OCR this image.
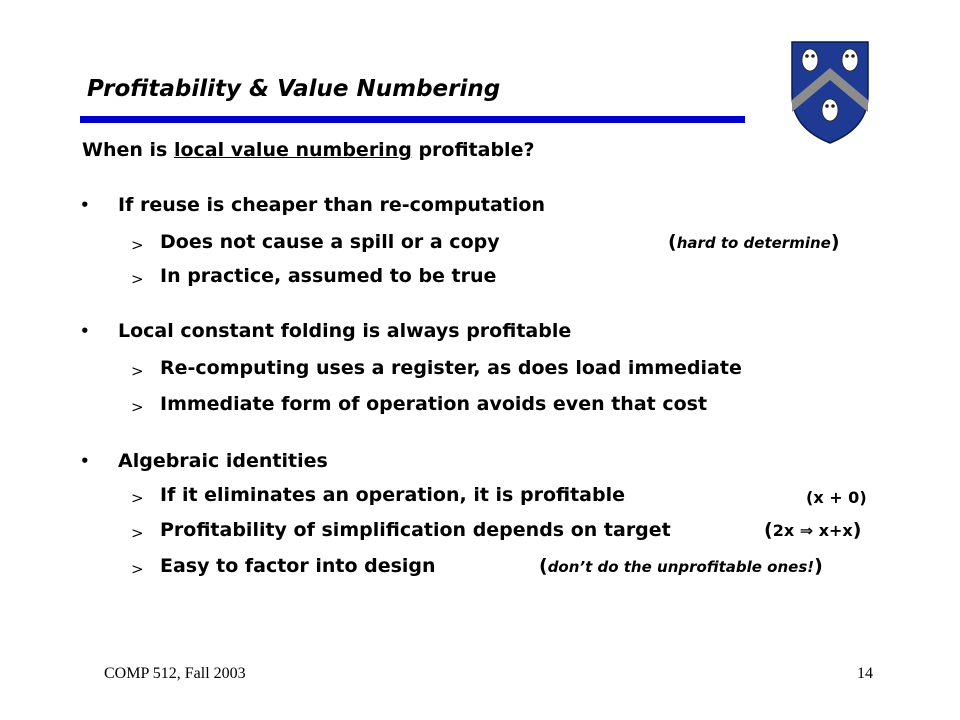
Profitability & Value Numbering
When is local value numbering profitable?
• If reuse is cheaper than re-computation
> Does not cause a spill or a copy	(hard to determine)
> In practice, assumed to be true
• Local constant folding is always profitable
> Re-computing uses a register, as does load immediate
> Immediate form of operation avoids even that cost
• Algebraic identities
> If it eliminates an operation, it is profitable	(x + 0)
> Profitability of simplification depends on target	(2x ⇒ x+x)
> Easy to factor into design	(don’t do the unprofitable ones!)
COMP 512, Fall 2003	14
